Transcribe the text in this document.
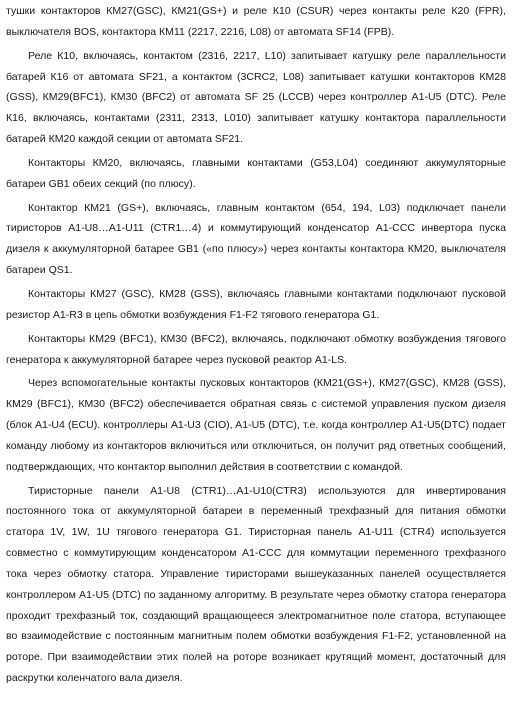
тушки контакторов КМ27(GSC), КМ21(GS+) и реле К10 (CSUR) через контакты реле К20 (FPR), выключателя BOS, контактора КМ11 (2217, 2216, L08) от автомата SF14 (FPB).

Реле К10, включаясь, контактом (2316, 2217, L10) запитывает катушку реле параллельности батарей К16 от автомата SF21, а контактом (3CRC2, L08) запитывает катушки контакторов КМ28 (GSS), КМ29(BFC1), КМ30 (BFC2) от автомата SF 25 (LCCB) через контроллер A1-U5 (DTC). Реле К16, включаясь, контактами (2311, 2313, L010) запитывает катушку контактора параллельности батарей КМ20 каждой секции от автомата SF21.

Контакторы КМ20, включаясь, главными контактами (G53,L04) соединяют аккумуляторные батареи GB1 обеих секций (по плюсу).

Контактор КМ21 (GS+), включаясь, главным контактом (654, 194, L03) подключает панели тиристоров A1-U8…A1-U11 (CTR1…4) и коммутирующий конденсатор A1-CCC инвертора пуска дизеля к аккумуляторной батарее GB1 («по плюсу») через контакты контактора КМ20, выключателя батареи QS1.

Контакторы КМ27 (GSC), КМ28 (GSS), включаясь главными контактами подключают пусковой резистор A1-R3 в цепь обмотки возбуждения F1-F2 тягового генератора G1.

Контакторы КМ29 (BFC1), КМ30 (BFC2), включаясь, подключают обмотку возбуждения тягового генератора к аккумуляторной батарее через пусковой реактор A1-LS.

Через вспомогательные контакты пусковых контакторов (КМ21(GS+), КМ27(GSC), КМ28 (GSS), КМ29 (BFC1), КМ30 (BFC2) обеспечивается обратная связь с системой управления пуском дизеля (блок A1-U4 (ECU). контроллеры A1-U3 (CIO), A1-U5 (DTC), т.е. когда контроллер A1-U5(DTC) подает команду любому из контакторов включиться или отключиться, он получит ряд ответных сообщений, подтверждающих, что контактор выполнил действия в соответствии с командой.

Тиристорные панели A1-U8 (CTR1)…A1-U10(CTR3) используются для инвертирования постоянного тока от аккумуляторной батареи в переменный трехфазный для питания обмотки статора 1V, 1W, 1U тягового генератора G1. Тиристорная панель A1-U11 (CTR4) используется совместно с коммутирующим конденсатором A1-CCC для коммутации переменного трехфазного тока через обмотку статора. Управление тиристорами вышеуказанных панелей осуществляется контроллером A1-U5 (DTC) по заданному алгоритму. В результате через обмотку статора генератора проходит трехфазный ток, создающий вращающееся электромагнитное поле статора, вступающее во взаимодействие с постоянным магнитным полем обмотки возбуждения F1-F2, установленной на роторе. При взаимодействии этих полей на роторе возникает крутящий момент, достаточный для раскрутки коленчатого вала дизеля.
